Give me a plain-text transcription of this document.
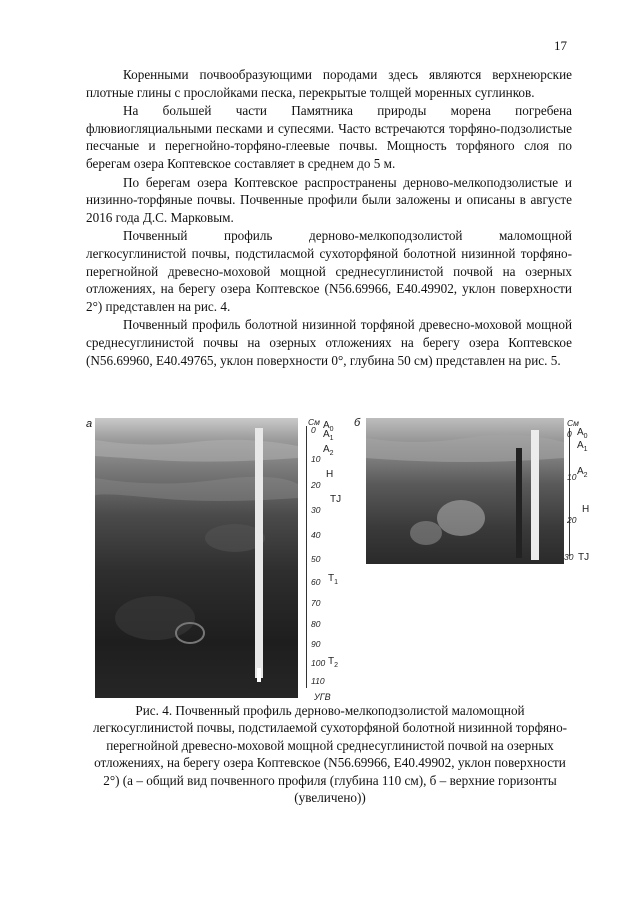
17

Коренными почвообразующими породами здесь являются верхнеюрские плотные глины с прослойками песка, перекрытые толщей моренных суглинков.

На большей части Памятника природы морена погребена флювиогляциальными песками и супесями. Часто встречаются торфяно-подзолистые песчаные и перегнойно-торфяно-глеевые почвы. Мощность торфяного слоя по берегам озера Коптевское составляет в среднем до 5 м.

По берегам озера Коптевское распространены дерново-мелкоподзолистые и низинно-торфяные почвы. Почвенные профили были заложены и описаны в августе 2016 года Д.С. Марковым.

Почвенный профиль дерново-мелкоподзолистой маломощной легкосуглинистой почвы, подстиласмой сухоторфяной болотной низинной торфяно-перегнойной древесно-моховой мощной среднесуглинистой почвой на озерных отложениях, на берегу озера Коптевское (N56.69966, E40.49902, уклон поверхности 2°) представлен на рис. 4.

Почвенный профиль болотной низинной торфяной древесно-моховой мощной среднесуглинистой почвы на озерных отложениях на берегу озера Коптевское (N56.69960, E40.49765, уклон поверхности 0°, глубина 50 см) представлен на рис. 5.

а	См
0
10
20
30
40
50
60
70
80
90
100
110
$A_0$
$A_1$
$A_2$
H
TJ
$T_1$
$T_2$
УГВ
б	См
0
10
20
30
$A_0$
$A_1$
$A_2$
H
TJ
Рис. 4. Почвенный профиль дерново-мелкоподзолистой маломощной легкосуглинистой почвы, подстилаемой сухоторфяной болотной низинной торфяно-перегнойной древесно-моховой мощной среднесуглинистой почвой на озерных отложениях, на берегу озера Коптевское (N56.69966, E40.49902, уклон поверхности 2°) (а – общий вид почвенного профиля (глубина 110 см), б – верхние горизонты (увеличено))
